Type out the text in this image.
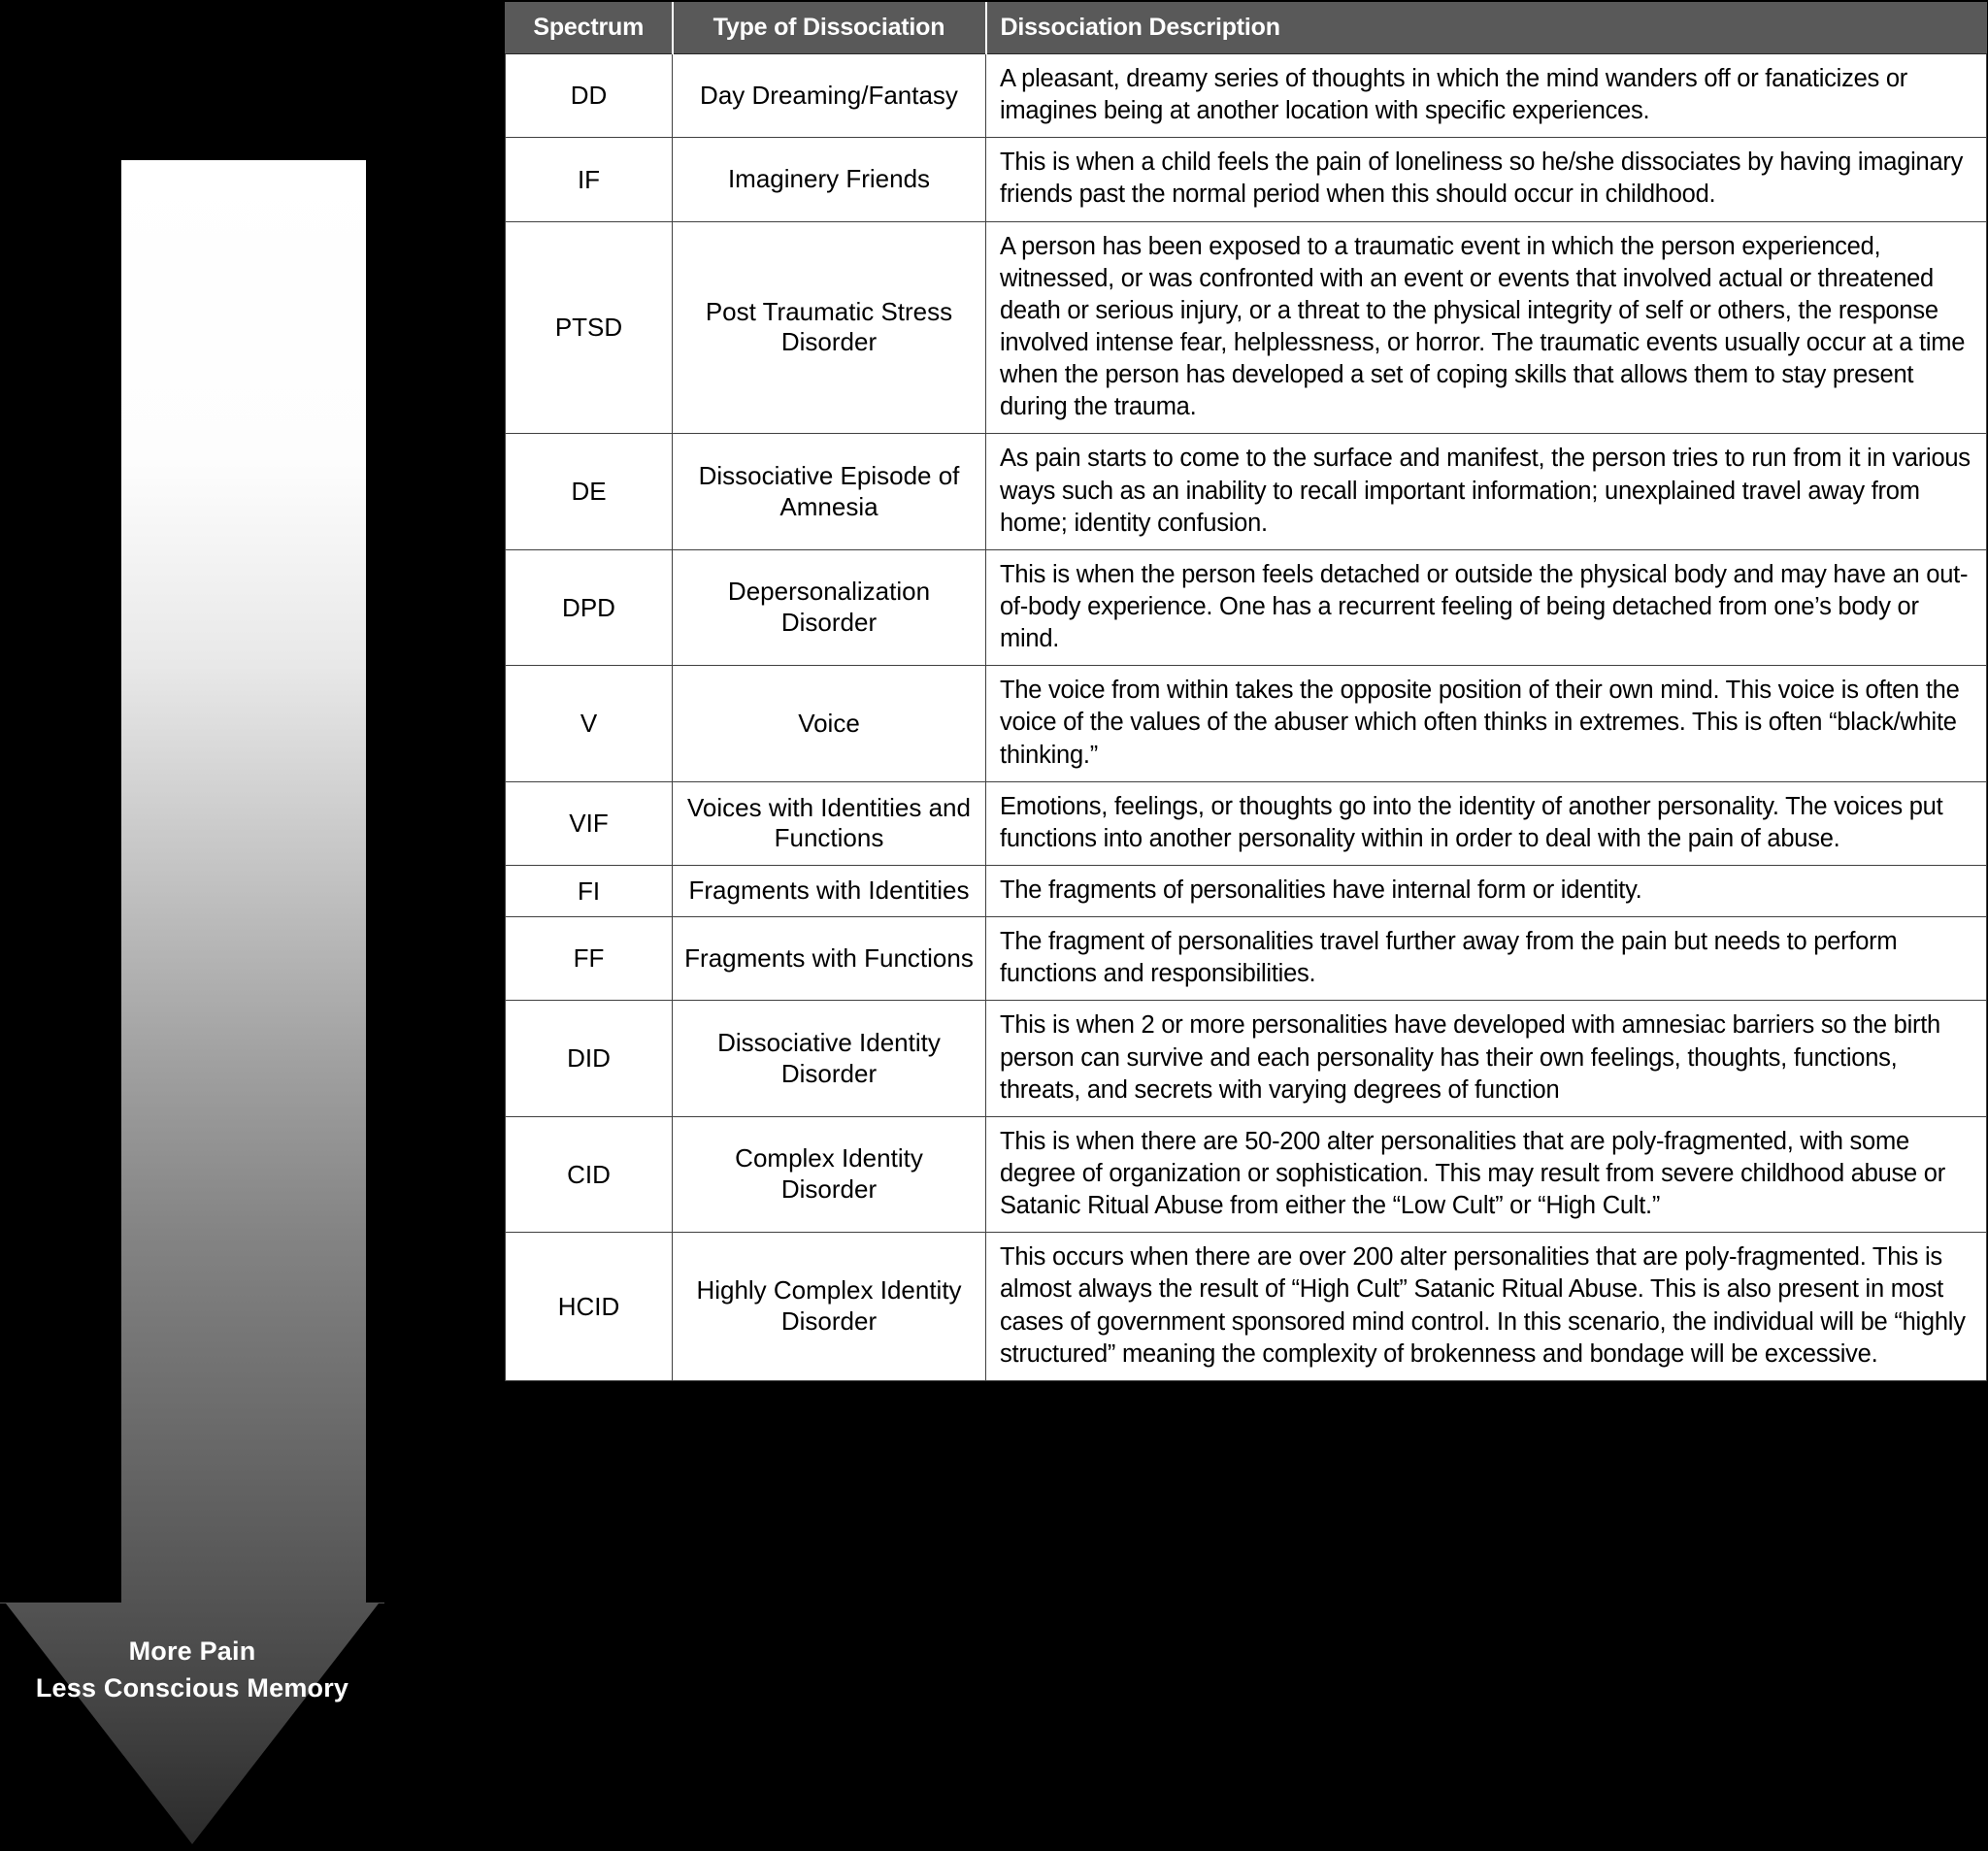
More Pain
Less Conscious Memory
Spectrum	Type of Dissociation	Dissociation Description
DD	Day Dreaming/Fantasy	A pleasant, dreamy series of thoughts in which the mind wanders off or fanaticizes or imagines being at another location with specific experiences.
IF	Imaginery Friends	This is when a child feels the pain of loneliness so he/she dissociates by having imaginary friends past the normal period when this should occur in childhood.
PTSD	Post Traumatic Stress Disorder	A person has been exposed to a traumatic event in which the person experienced, witnessed, or was confronted with an event or events that involved actual or threatened death or serious injury, or a threat to the physical integrity of self or others, the response involved intense fear, helplessness, or horror. The traumatic events usually occur at a time when the person has developed a set of coping skills that allows them to stay present during the trauma.
DE	Dissociative Episode of Amnesia	As pain starts to come to the surface and manifest, the person tries to run from it in various ways such as an inability to recall important information; unexplained travel away from home; identity confusion.
DPD	Depersonalization Disorder	This is when the person feels detached or outside the physical body and may have an out-of-body experience. One has a recurrent feeling of being detached from one’s body or mind.
V	Voice	The voice from within takes the opposite position of their own mind. This voice is often the voice of the values of the abuser which often thinks in extremes. This is often “black/white thinking.”
VIF	Voices with Identities and Functions	Emotions, feelings, or thoughts go into the identity of another personality. The voices put functions into another personality within in order to deal with the pain of abuse.
FI	Fragments with Identities	The fragments of personalities have internal form or identity.
FF	Fragments with Functions	The fragment of personalities travel further away from the pain but needs to perform functions and responsibilities.
DID	Dissociative Identity Disorder	This is when 2 or more personalities have developed with amnesiac barriers so the birth person can survive and each personality has their own feelings, thoughts, functions, threats, and secrets with varying degrees of function
CID	Complex Identity Disorder	This is when there are 50-200 alter personalities that are poly-fragmented, with some degree of organization or sophistication. This may result from severe childhood abuse or Satanic Ritual Abuse from either the “Low Cult” or “High Cult.”
HCID	Highly Complex Identity Disorder	This occurs when there are over 200 alter personalities that are poly-fragmented. This is almost always the result of “High Cult” Satanic Ritual Abuse. This is also present in most cases of government sponsored mind control. In this scenario, the individual will be “highly structured” meaning the complexity of brokenness and bondage will be excessive.
